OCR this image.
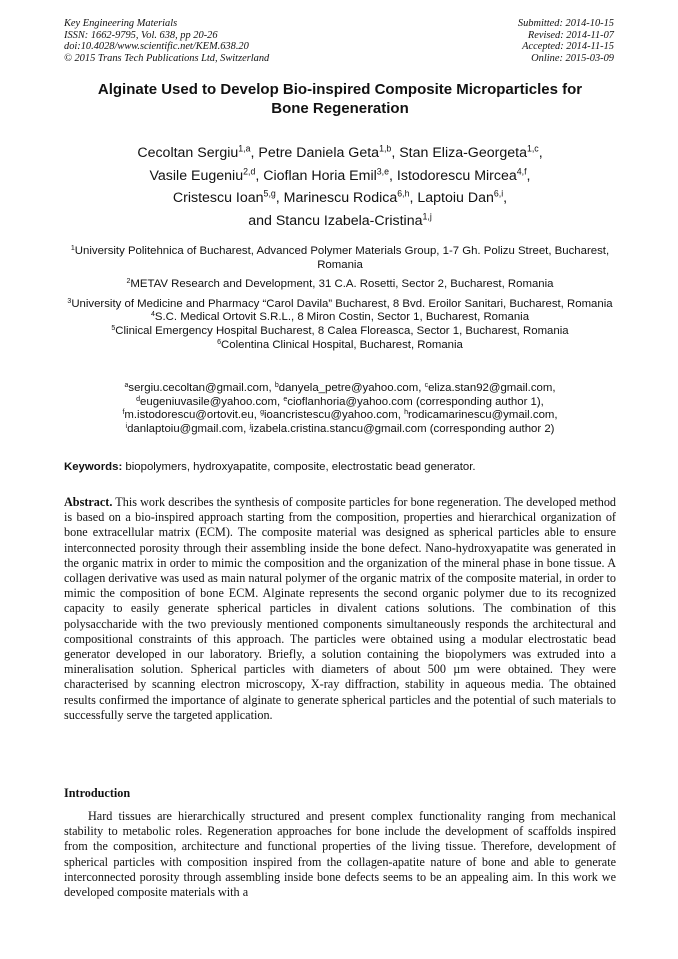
Key Engineering Materials
ISSN: 1662-9795, Vol. 638, pp 20-26
doi:10.4028/www.scientific.net/KEM.638.20
© 2015 Trans Tech Publications Ltd, Switzerland
Submitted: 2014-10-15
Revised: 2014-11-07
Accepted: 2014-11-15
Online: 2015-03-09
Alginate Used to Develop Bio-inspired Composite Microparticles for
Bone Regeneration
Cecoltan Sergiu$^{1,a}$, Petre Daniela Geta$^{1,b}$, Stan Eliza-Georgeta$^{1,c}$,
Vasile Eugeniu$^{2,d}$, Cioflan Horia Emil$^{3,e}$, Istodorescu Mircea$^{4,f}$,
Cristescu Ioan$^{5,g}$, Marinescu Rodica$^{6,h}$, Laptoiu Dan$^{6,i}$,
and Stancu Izabela-Cristina$^{1,j}$

$^1$University Politehnica of Bucharest, Advanced Polymer Materials Group, 1-7 Gh. Polizu Street, Bucharest, Romania

$^2$METAV Research and Development, 31 C.A. Rosetti, Sector 2, Bucharest, Romania

$^3$University of Medicine and Pharmacy “Carol Davila” Bucharest, 8 Bvd. Eroilor Sanitari, Bucharest, Romania

$^4$S.C. Medical Ortovit S.R.L., 8 Miron Costin, Sector 1, Bucharest, Romania

$^5$Clinical Emergency Hospital Bucharest, 8 Calea Floreasca, Sector 1, Bucharest, Romania

$^6$Colentina Clinical Hospital, Bucharest, Romania

$^a$sergiu.cecoltan@gmail.com, $^b$danyela_petre@yahoo.com, $^c$eliza.stan92@gmail.com,
$^d$eugeniuvasile@yahoo.com, $^e$cioflanhoria@yahoo.com (corresponding author 1),
$^f$m.istodorescu@ortovit.eu, $^g$ioancristescu@yahoo.com, $^h$rodicamarinescu@ymail.com,
$^i$danlaptoiu@gmail.com, $^j$izabela.cristina.stancu@gmail.com (corresponding author 2)
Keywords: biopolymers, hydroxyapatite, composite, electrostatic bead generator.
Abstract. This work describes the synthesis of composite particles for bone regeneration. The developed method is based on a bio-inspired approach starting from the composition, properties and hierarchical organization of bone extracellular matrix (ECM). The composite material was designed as spherical particles able to ensure interconnected porosity through their assembling inside the bone defect. Nano-hydroxyapatite was generated in the organic matrix in order to mimic the composition and the organization of the mineral phase in bone tissue. A collagen derivative was used as main natural polymer of the organic matrix of the composite material, in order to mimic the composition of bone ECM. Alginate represents the second organic polymer due to its recognized capacity to easily generate spherical particles in divalent cations solutions. The combination of this polysaccharide with the two previously mentioned components simultaneously responds the architectural and compositional constraints of this approach. The particles were obtained using a modular electrostatic bead generator developed in our laboratory. Briefly, a solution containing the biopolymers was extruded into a mineralisation solution. Spherical particles with diameters of about 500 µm were obtained. They were characterised by scanning electron microscopy, X-ray diffraction, stability in aqueous media. The obtained results confirmed the importance of alginate to generate spherical particles and the potential of such materials to successfully serve the targeted application.
Introduction
Hard tissues are hierarchically structured and present complex functionality ranging from mechanical stability to metabolic roles. Regeneration approaches for bone include the development of scaffolds inspired from the composition, architecture and functional properties of the living tissue. Therefore, development of spherical particles with composition inspired from the collagen-apatite nature of bone and able to generate interconnected porosity through assembling inside bone defects seems to be an appealing aim. In this work we developed composite materials with a
